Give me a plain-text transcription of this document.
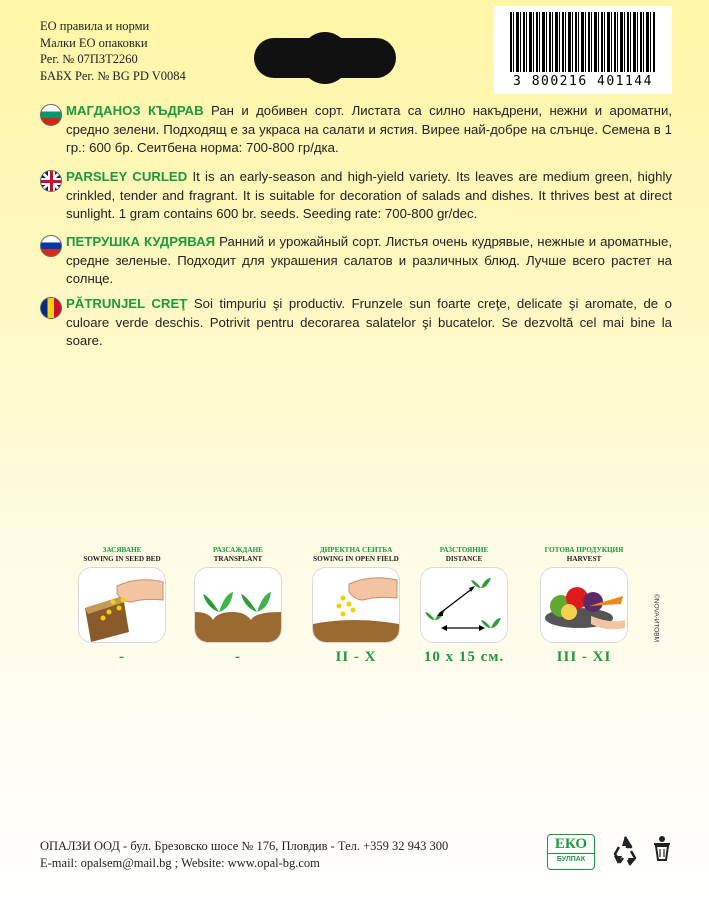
ЕО правила и норми
Малки ЕО опаковки
Рег. № 07ПЗТ2260
БАБХ Рег. № BG PD V0084	3 800216 401144
МАГДАНОЗ КЪДРАВ Ран и добивен сорт. Листата са силно накъдрени, нежни и ароматни, средно зелени. Подходящ е за украса на салати и ястия. Вирее най-добре на слънце. Семена в 1 гр.: 600 бр. Сеитбена норма: 700-800 гр/дка.
PARSLEY CURLED It is an early-season and high-yield variety. Its leaves are medium green, highly crinkled, tender and fragrant. It is suitable for decoration of salads and dishes. It thrives best at direct sunlight. 1 gram contains 600 br. seeds. Seeding rate: 700-800 gr/dec.
ПЕТРУШКА КУДРЯВАЯ Ранний и урожайный сорт. Листья очень кудрявые, нежные и ароматные, средне зеленые. Подходит для украшения салатов и различных блюд. Лучше всего растет на солнце.
PĂTRUNJEL CREŢ Soi timpuriu şi productiv. Frunzele sun foarte creţe, delicate şi aromate, de o culoare verde deschis. Potrivit pentru decorarea salatelor şi bucatelor. Se dezvoltă cel mai bine la soare.
ЗАСЯВАНЕ
SOWING IN SEED BED
-
РАЗСАЖДАНЕ
TRANSPLANT
-
ДИРЕКТНА СЕИТБА
SOWING IN OPEN FIELD
II - X
РАЗСТОЯНИЕ
DISTANCE
10 x 15 см.
ГОТОВА ПРОДУКЦИЯ
HARVEST
III - XI
©NOVA-ИТОВМ
ОПАЛЗИ ООД - бул. Брезовско шосе № 176, Пловдив - Тел. +359 32 943 300
E-mail: opalsem@mail.bg ; Website: www.opal-bg.com
ЕКО
БУЛПАК
